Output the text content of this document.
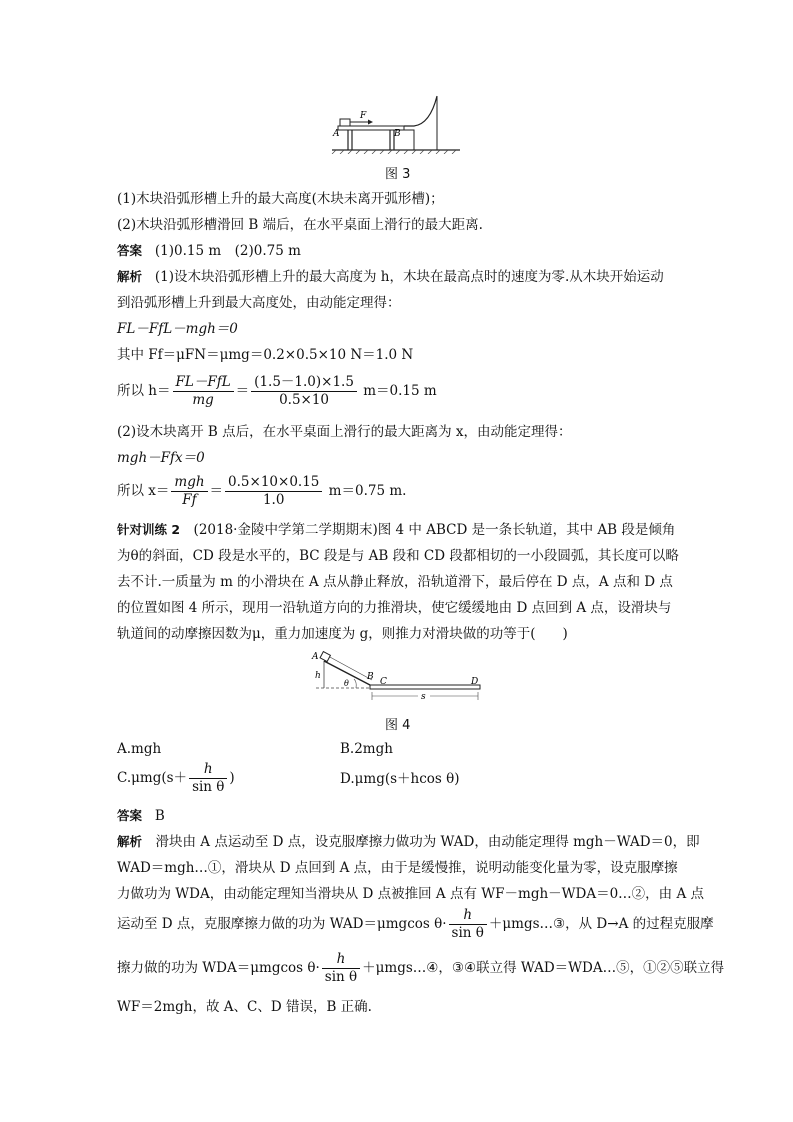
F
A	B
图 3
(1)木块沿弧形槽上升的最大高度(木块未离开弧形槽)；
(2)木块沿弧形槽滑回 B 端后，在水平桌面上滑行的最大距离.
答案 (1)0.15 m　(2)0.75 m
解析 (1)设木块沿弧形槽上升的最大高度为 h，木块在最高点时的速度为零.从木块开始运动
到沿弧形槽上升到最大高度处，由动能定理得：
FL－FfL－mgh＝0
其中 Ff＝μFN＝μmg＝0.2×0.5×10 N＝1.0 N
所以 $h= \frac{\text{FL－FfL}}{mg} = \frac{(1.5-1.0)\times 1.5}{0.5\times 10} m=0.15$ m
(2)设木块离开 B 点后，在水平桌面上滑行的最大距离为 x，由动能定理得：
mgh－Ffx＝0
所以 $x= \frac{\text{mgh}}{Ff} = \frac{0.5\times 10\times 0.15}{1.0} m=0.75$ m.
针对训练 2　(2018·金陵中学第二学期期末)图 4 中 ABCD 是一条长轨道，其中 AB 段是倾角
为θ的斜面，CD 段是水平的，BC 段是与 AB 段和 CD 段都相切的一小段圆弧，其长度可以略
去不计.一质量为 m 的小滑块在 A 点从静止释放，沿轨道滑下，最后停在 D 点，A 点和 D 点
的位置如图 4 所示，现用一沿轨道方向的力推滑块，使它缓缓地由 D 点回到 A 点，设滑块与
轨道间的动摩擦因数为μ，重力加速度为 g，则推力对滑块做的功等于(　　)
A
h
θ
B C	D
s
图 4
A.mgh	B.2mgh
$C.\mu mg(s+ \frac{h}{\text{sin θ}}$ )	D.μmg(s＋hcos θ)
答案 B
解析　滑块由 A 点运动至 D 点，设克服摩擦力做功为 WAD，由动能定理得 mgh－WAD＝0，即
WAD＝mgh…①，滑块从 D 点回到 A 点，由于是缓慢推，说明动能变化量为零，设克服摩擦
力做功为 WDA，由动能定理知当滑块从 D 点被推回 A 点有 WF－mgh－WDA＝0…②，由 A 点
运动至 D 点，克服摩擦力做的功为 WAD＝μmgcos $\theta\cdot \frac{h}{\text{sin θ}}$ ＋μmgs…③，从 D→A 的过程克服摩
擦力做的功为 WDA＝μmgcos $\theta\cdot \frac{h}{\text{sin θ}}$ ＋μmgs…④，③④联立得 WAD＝WDA…⑤，①②⑤联立得
WF＝2mgh，故 A、C、D 错误，B 正确.
